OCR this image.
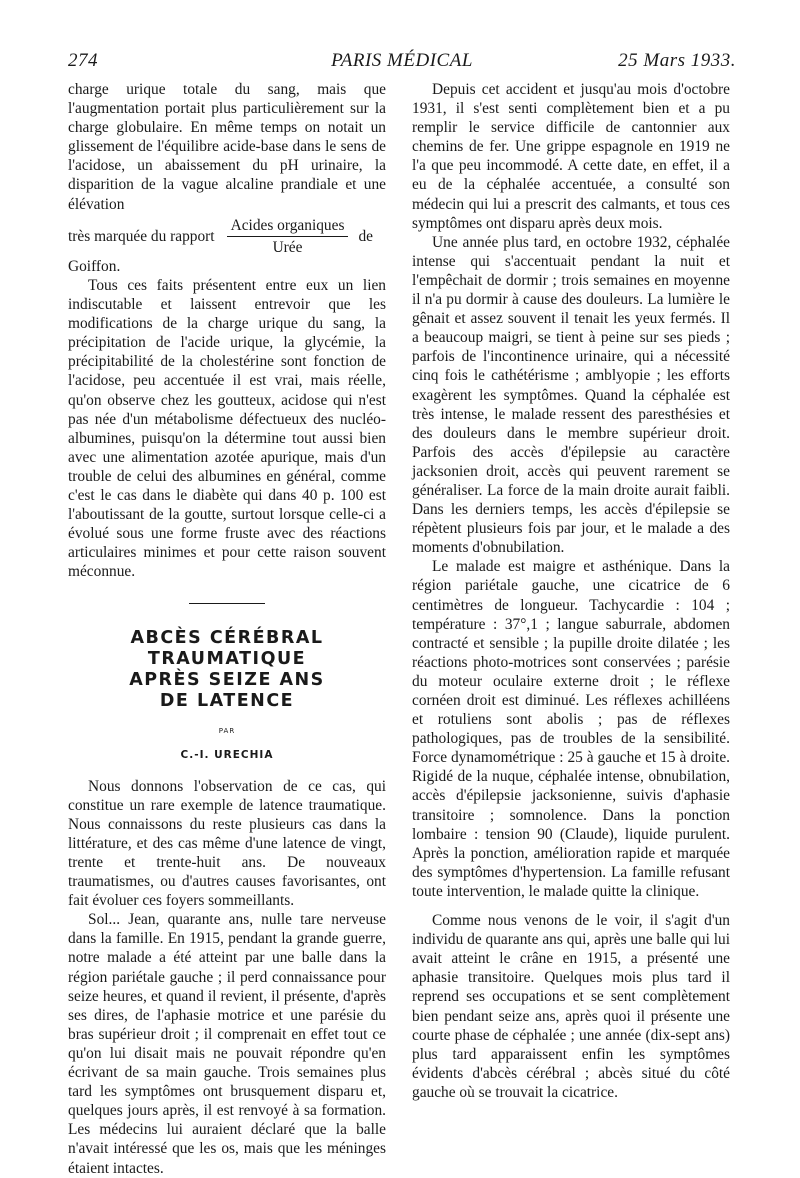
274	PARIS MÉDICAL	25 Mars 1933.

charge urique totale du sang, mais que l'augmentation portait plus particulièrement sur la charge globulaire. En même temps on notait un glissement de l'équilibre acide-base dans le sens de l'acidose, un abaissement du pH urinaire, la disparition de la vague alcaline prandiale et une élévation

très marquée du rapport $\frac{\text{Acides organiques}}{\text{Urée}}$ de

Goiffon.

Tous ces faits présentent entre eux un lien indiscutable et laissent entrevoir que les modifications de la charge urique du sang, la précipitation de l'acide urique, la glycémie, la précipitabilité de la cholestérine sont fonction de l'acidose, peu accentuée il est vrai, mais réelle, qu'on observe chez les goutteux, acidose qui n'est pas née d'un métabolisme défectueux des nucléo-albumines, puisqu'on la détermine tout aussi bien avec une alimentation azotée apurique, mais d'un trouble de celui des albumines en général, comme c'est le cas dans le diabète qui dans 40 p. 100 est l'aboutissant de la goutte, surtout lorsque celle-ci a évolué sous une forme fruste avec des réactions articulaires minimes et pour cette raison souvent méconnue.

ABCÈS CÉRÉBRAL
TRAUMATIQUE
APRÈS SEIZE ANS
DE LATENCE
PAR
C.-I. URECHIA

Nous donnons l'observation de ce cas, qui constitue un rare exemple de latence traumatique. Nous connaissons du reste plusieurs cas dans la littérature, et des cas même d'une latence de vingt, trente et trente-huit ans. De nouveaux traumatismes, ou d'autres causes favorisantes, ont fait évoluer ces foyers sommeillants.

Sol... Jean, quarante ans, nulle tare nerveuse dans la famille. En 1915, pendant la grande guerre, notre malade a été atteint par une balle dans la région pariétale gauche ; il perd connaissance pour seize heures, et quand il revient, il présente, d'après ses dires, de l'aphasie motrice et une parésie du bras supérieur droit ; il comprenait en effet tout ce qu'on lui disait mais ne pouvait répondre qu'en écrivant de sa main gauche. Trois semaines plus tard les symptômes ont brusquement disparu et, quelques jours après, il est renvoyé à sa formation. Les médecins lui auraient déclaré que la balle n'avait intéressé que les os, mais que les méninges étaient intactes.

Depuis cet accident et jusqu'au mois d'octobre 1931, il s'est senti complètement bien et a pu remplir le service difficile de cantonnier aux chemins de fer. Une grippe espagnole en 1919 ne l'a que peu incommodé. A cette date, en effet, il a eu de la céphalée accentuée, a consulté son médecin qui lui a prescrit des calmants, et tous ces symptômes ont disparu après deux mois.

Une année plus tard, en octobre 1932, céphalée intense qui s'accentuait pendant la nuit et l'empêchait de dormir ; trois semaines en moyenne il n'a pu dormir à cause des douleurs. La lumière le gênait et assez souvent il tenait les yeux fermés. Il a beaucoup maigri, se tient à peine sur ses pieds ; parfois de l'incontinence urinaire, qui a nécessité cinq fois le cathétérisme ; amblyopie ; les efforts exagèrent les symptômes. Quand la céphalée est très intense, le malade ressent des paresthésies et des douleurs dans le membre supérieur droit. Parfois des accès d'épilepsie au caractère jacksonien droit, accès qui peuvent rarement se généraliser. La force de la main droite aurait faibli. Dans les derniers temps, les accès d'épilepsie se répètent plusieurs fois par jour, et le malade a des moments d'obnubilation.

Le malade est maigre et asthénique. Dans la région pariétale gauche, une cicatrice de 6 centimètres de longueur. Tachycardie : 104 ; température : 37°,1 ; langue saburrale, abdomen contracté et sensible ; la pupille droite dilatée ; les réactions photo-motrices sont conservées ; parésie du moteur oculaire externe droit ; le réflexe cornéen droit est diminué. Les réflexes achilléens et rotuliens sont abolis ; pas de réflexes pathologiques, pas de troubles de la sensibilité. Force dynamométrique : 25 à gauche et 15 à droite. Rigidé de la nuque, céphalée intense, obnubilation, accès d'épilepsie jacksonienne, suivis d'aphasie transitoire ; somnolence. Dans la ponction lombaire : tension 90 (Claude), liquide purulent. Après la ponction, amélioration rapide et marquée des symptômes d'hypertension. La famille refusant toute intervention, le malade quitte la clinique.

Comme nous venons de le voir, il s'agit d'un individu de quarante ans qui, après une balle qui lui avait atteint le crâne en 1915, a présenté une aphasie transitoire. Quelques mois plus tard il reprend ses occupations et se sent complètement bien pendant seize ans, après quoi il présente une courte phase de céphalée ; une année (dix-sept ans) plus tard apparaissent enfin les symptômes évidents d'abcès cérébral ; abcès situé du côté gauche où se trouvait la cicatrice.
